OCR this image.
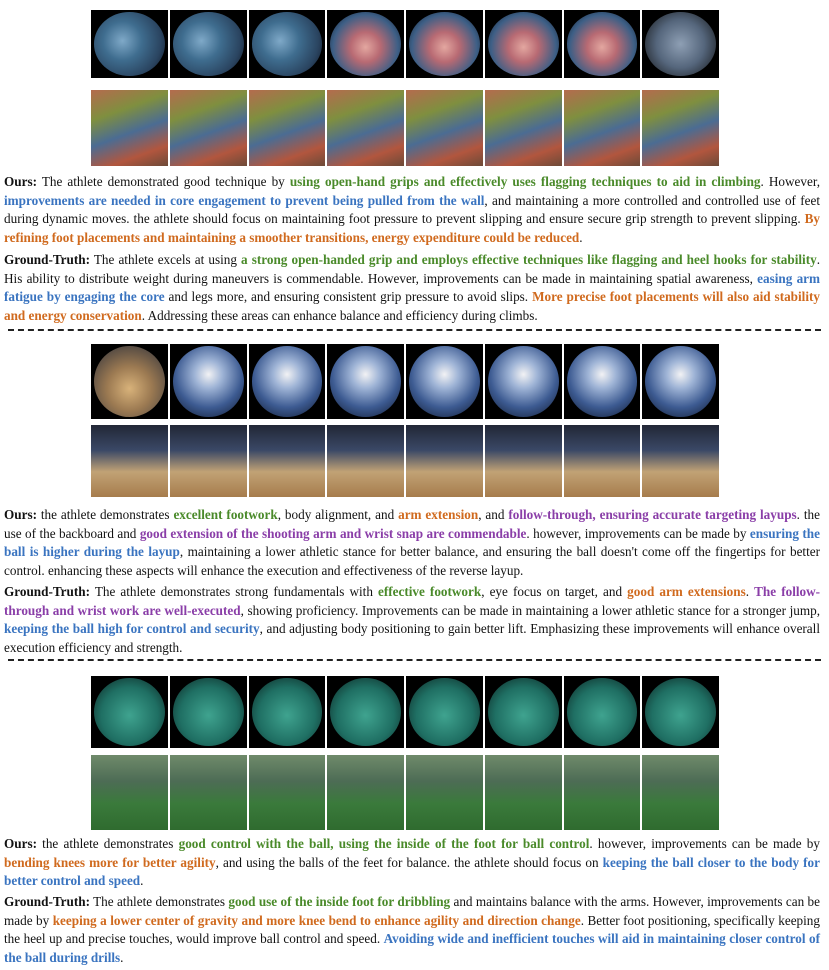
Ours: The athlete demonstrated good technique by using open-hand grips and effectively uses flagging techniques to aid in climbing. However, improvements are needed in core engagement to prevent being pulled from the wall, and maintaining a more controlled and controlled use of feet during dynamic moves. the athlete should focus on maintaining foot pressure to prevent slipping and ensure secure grip strength to prevent slipping. By refining foot placements and maintaining a smoother transitions, energy expenditure could be reduced.

Ground-Truth: The athlete excels at using a strong open-handed grip and employs effective techniques like flagging and heel hooks for stability. His ability to distribute weight during maneuvers is commendable. However, improvements can be made in maintaining spatial awareness, easing arm fatigue by engaging the core and legs more, and ensuring consistent grip pressure to avoid slips. More precise foot placements will also aid stability and energy conservation. Addressing these areas can enhance balance and efficiency during climbs.

Ours: the athlete demonstrates excellent footwork, body alignment, and arm extension, and follow-through, ensuring accurate targeting layups. the use of the backboard and good extension of the shooting arm and wrist snap are commendable. however, improvements can be made by ensuring the ball is higher during the layup, maintaining a lower athletic stance for better balance, and ensuring the ball doesn't come off the fingertips for better control. enhancing these aspects will enhance the execution and effectiveness of the reverse layup.

Ground-Truth: The athlete demonstrates strong fundamentals with effective footwork, eye focus on target, and good arm extensions. The follow-through and wrist work are well-executed, showing proficiency. Improvements can be made in maintaining a lower athletic stance for a stronger jump, keeping the ball high for control and security, and adjusting body positioning to gain better lift. Emphasizing these improvements will enhance overall execution efficiency and strength.

Ours: the athlete demonstrates good control with the ball, using the inside of the foot for ball control. however, improvements can be made by bending knees more for better agility, and using the balls of the feet for balance. the athlete should focus on keeping the ball closer to the body for better control and speed.

Ground-Truth: The athlete demonstrates good use of the inside foot for dribbling and maintains balance with the arms. However, improvements can be made by keeping a lower center of gravity and more knee bend to enhance agility and direction change. Better foot positioning, specifically keeping the heel up and precise touches, would improve ball control and speed. Avoiding wide and inefficient touches will aid in maintaining closer control of the ball during drills.
